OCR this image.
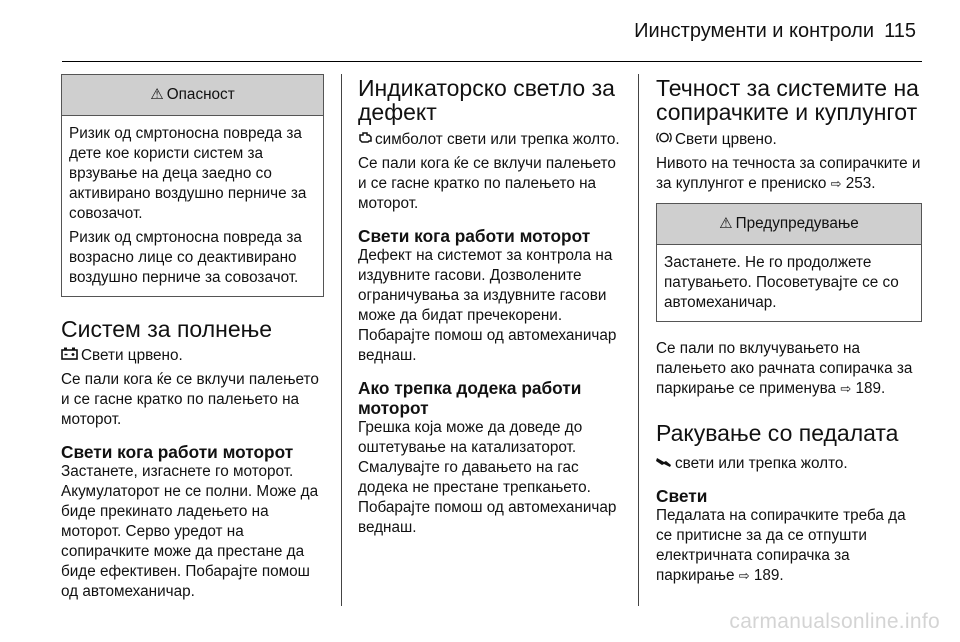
Иинструменти и контроли 115
⚠ Опасност

Ризик од смртоносна повреда за дете кое користи систем за врзување на деца заедно со активирано воздушно перниче за совозачот.

Ризик од смртоносна повреда за возрасно лице со деактивирано воздушно перниче за совозачот.

Систем за полнење

Свети црвено.

Се пали кога ќе се вклучи палењето и се гасне кратко по палењето на моторот.

Свети кога работи моторот

Застанете, изгаснете го моторот. Акумулаторот не се полни. Може да биде прекинато ладењето на моторот. Серво уредот на сопирачките може да престане да биде ефективен. Побарајте помош од автомеханичар.

Индикаторско светло за дефект

симболот свети или трепка жолто.

Се пали кога ќе се вклучи палењето и се гасне кратко по палењето на моторот.

Свети кога работи моторот

Дефект на системот за контрола на издувните гасови. Дозволените ограничувања за издувните гасови може да бидат пречекорени. Побарајте помош од автомеханичар веднаш.

Ако трепка додека работи моторот

Грешка која може да доведе до оштетување на катализаторот. Смалувајте го давањето на гас додека не престане трепкањето. Побарајте помош од автомеханичар веднаш.

Течност за системите на сопирачките и куплунгот

Свети црвено.

Нивото на течноста за сопирачките и за куплунгот е прениско ⇨ 253.

⚠ Предупредување

Застанете. Не го продолжете патувањето. Посоветувајте се со автомеханичар.

Се пали по вклучувањето на палењето ако рачната сопирачка за паркирање се применува ⇨ 189.

Ракување со педалата

свети или трепка жолто.

Свети

Педалата на сопирачките треба да се притисне за да се отпушти електричната сопирачка за паркирање ⇨ 189.

carmanualsonline.info
